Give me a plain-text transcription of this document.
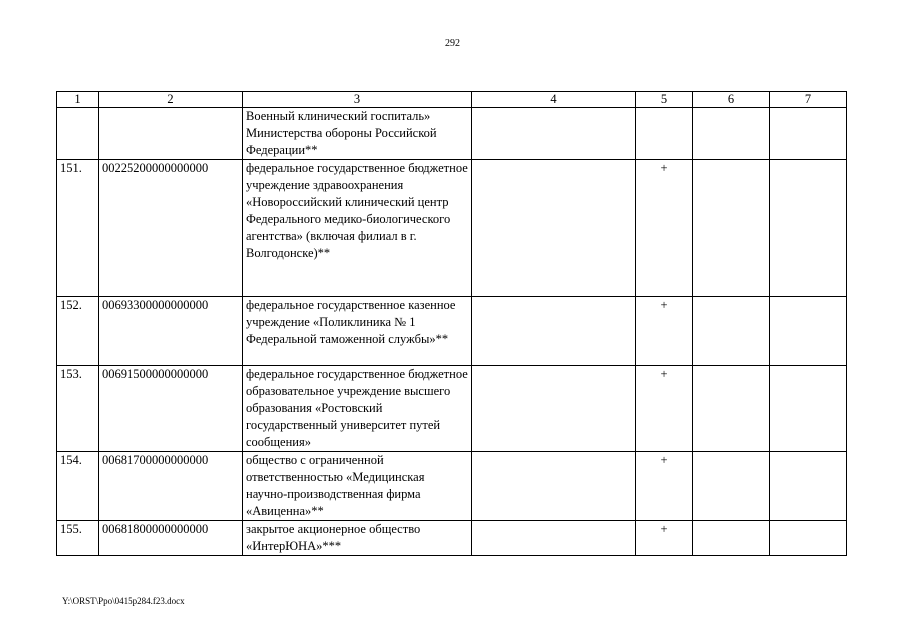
292
1	2	3	4	5	6	7
		Военный клинический госпиталь» Министерства обороны Российской Федерации**				
151.	00225200000000000	федеральное государственное бюджетное учреждение здравоохранения «Новороссийский клинический центр Федерального медико-биологического агентства» (включая филиал в г. Волгодонске)**		+		
152.	00693300000000000	федеральное государственное казенное учреждение «Поликлиника № 1 Федеральной таможенной службы»**		+		
153.	00691500000000000	федеральное государственное бюджетное образовательное учреждение высшего образования «Ростовский государственный университет путей сообщения»		+		
154.	00681700000000000	общество с ограниченной ответственностью «Медицинская научно-производственная фирма «Авиценна»**		+		
155.	00681800000000000	закрытое акционерное общество «ИнтерЮНА»***		+		
Y:\ORST\Ppo\0415p284.f23.docx
